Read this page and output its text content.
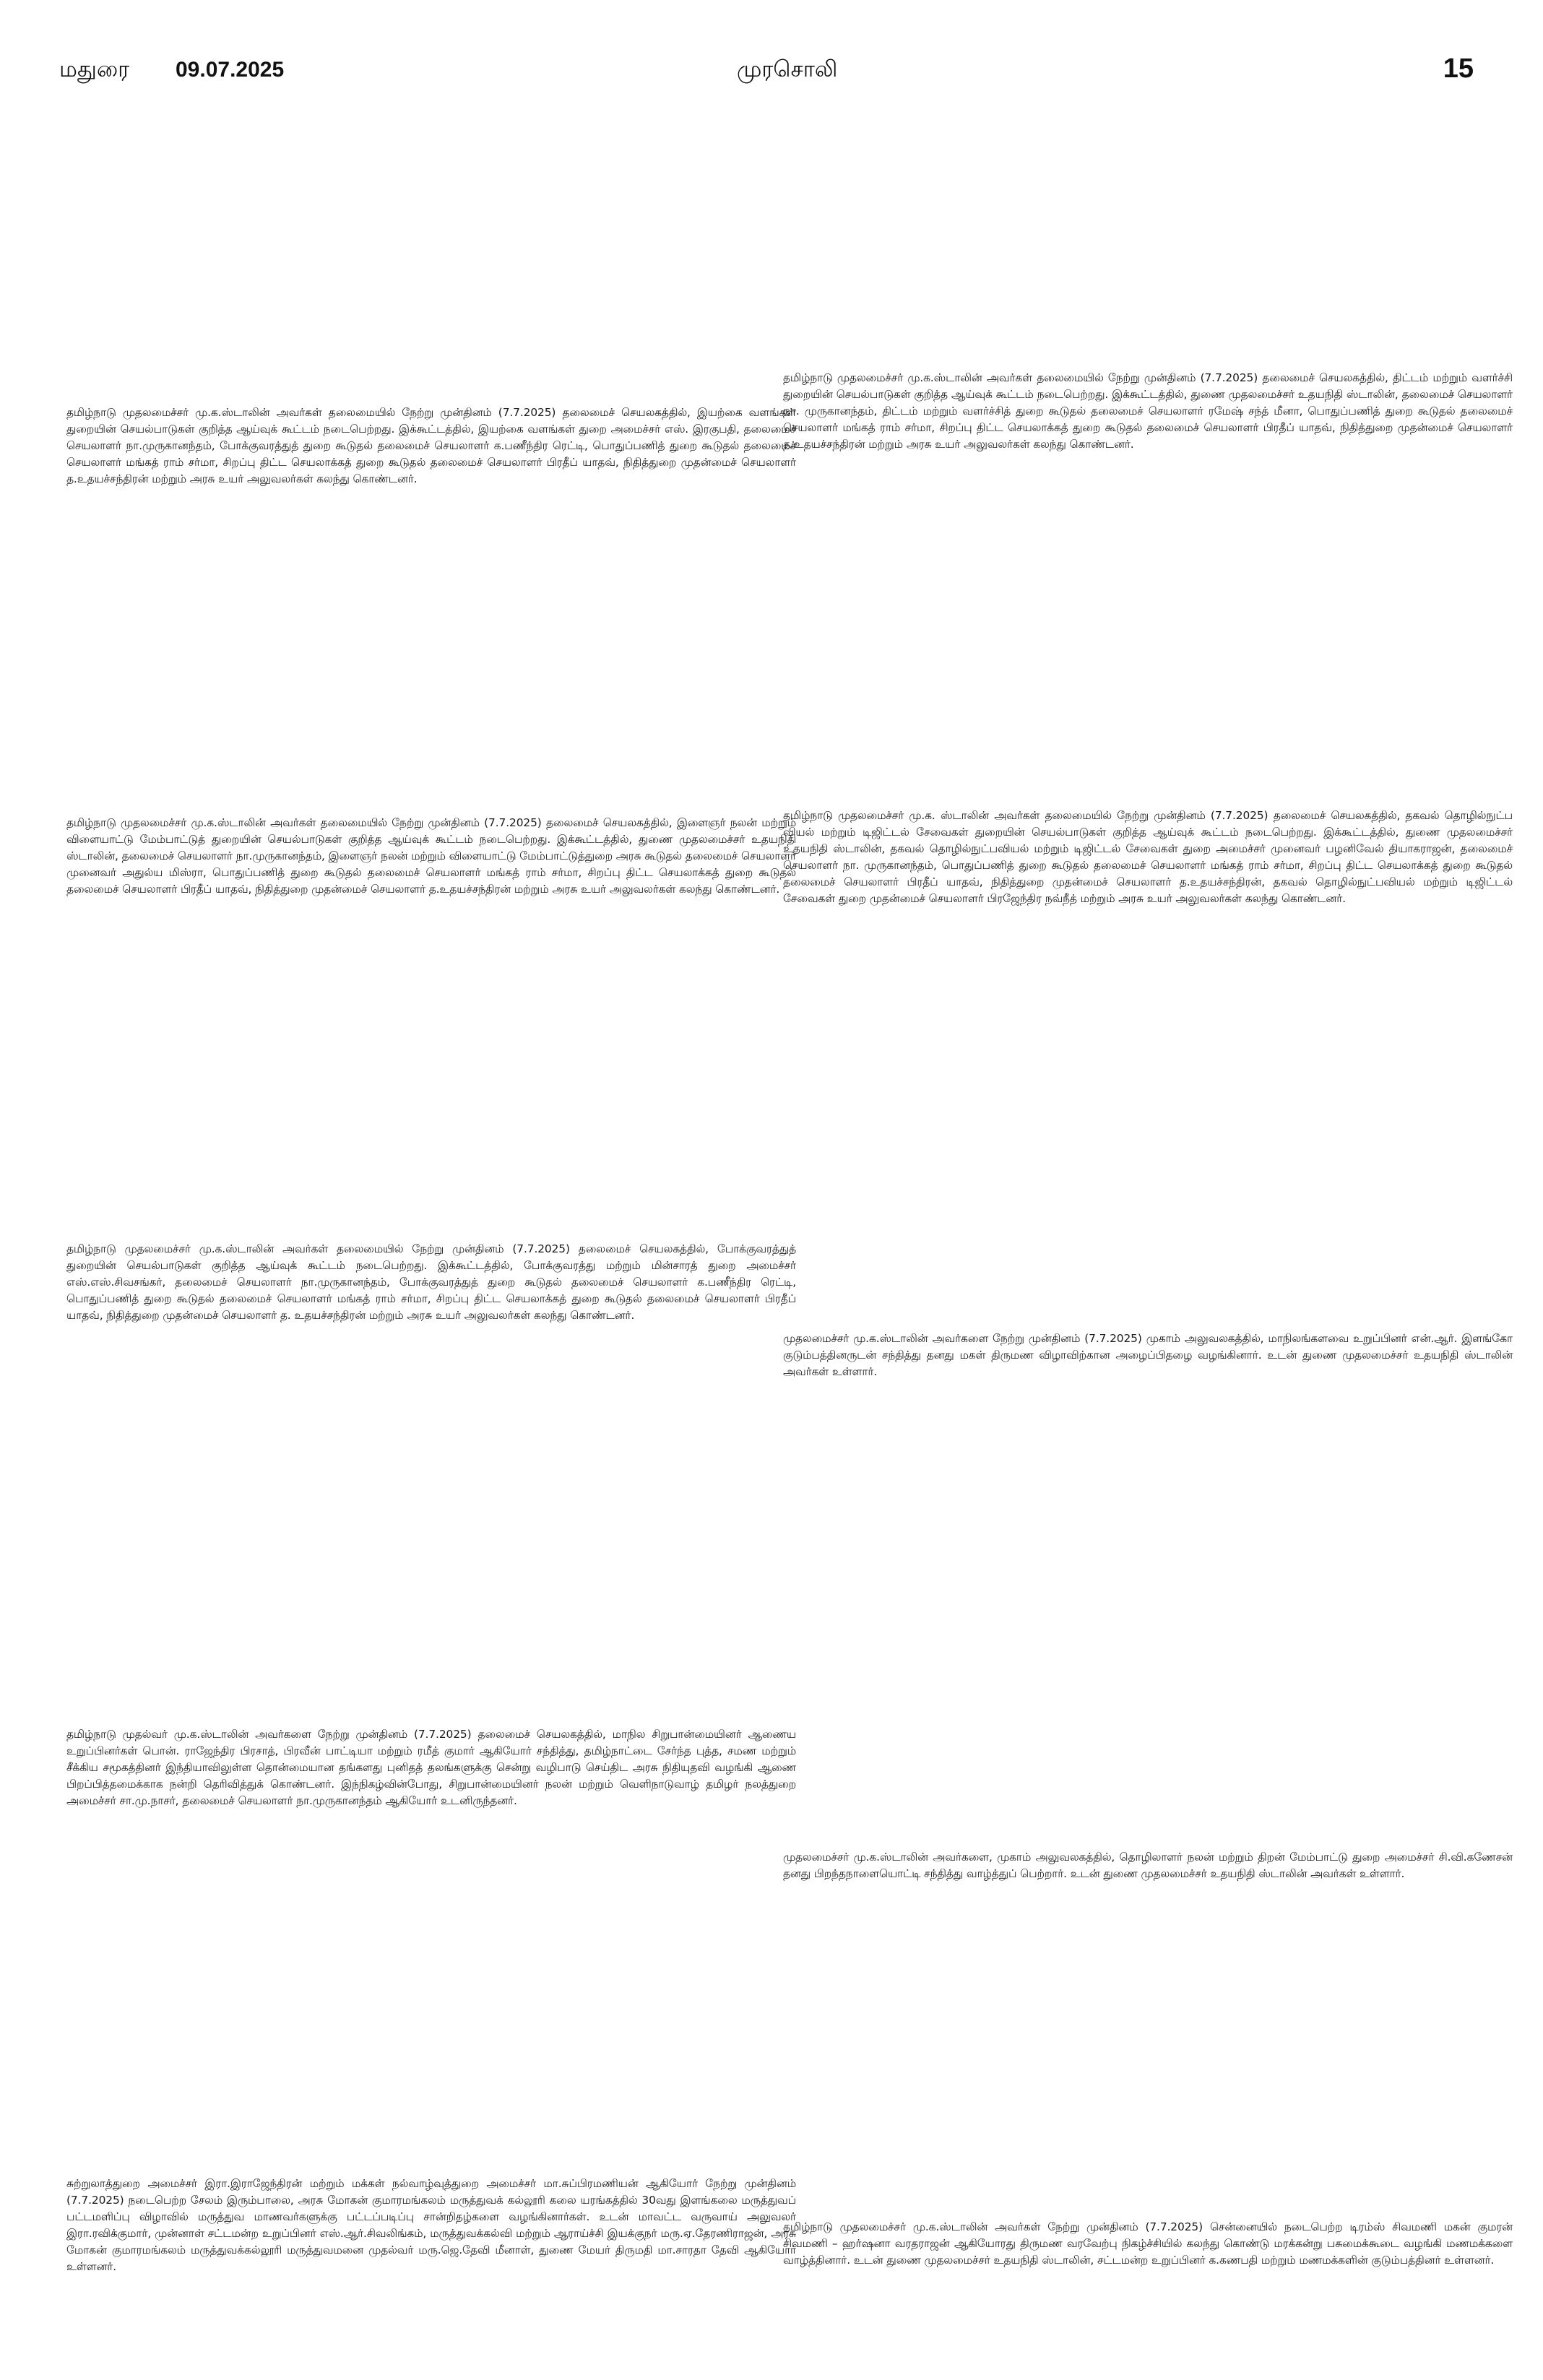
மதுரை 09.07.2025	முரசொலி	15
தமிழ்நாடு முதலமைச்சர் மு.க.ஸ்டாலின் அவர்கள் தலைமையில் நேற்று முன்தினம் (7.7.2025) தலைமைச் செயலகத்தில், இயற்கை வளங்கள் துறையின் செயல்பாடுகள் குறித்த ஆய்வுக் கூட்டம் நடைபெற்றது. இக்கூட்டத்தில், இயற்கை வளங்கள் துறை அமைச்சர் எஸ். இரகுபதி, தலைமைச் செயலாளர் நா.முருகானந்தம், போக்குவரத்துத் துறை கூடுதல் தலைமைச் செயலாளர் க.பணீந்திர ரெட்டி, பொதுப்பணித் துறை கூடுதல் தலைமைச் செயலாளர் மங்கத் ராம் சர்மா, சிறப்பு திட்ட செயலாக்கத் துறை கூடுதல் தலைமைச் செயலாளர் பிரதீப் யாதவ், நிதித்துறை முதன்மைச் செயலாளர் த.உதயச்சந்திரன் மற்றும் அரசு உயர் அலுவலர்கள் கலந்து கொண்டனர்.
தமிழ்நாடு முதலமைச்சர் மு.க.ஸ்டாலின் அவர்கள் தலைமையில் நேற்று முன்தினம் (7.7.2025) தலைமைச் செயலகத்தில், திட்டம் மற்றும் வளர்ச்சி துறையின் செயல்பாடுகள் குறித்த ஆய்வுக் கூட்டம் நடைபெற்றது. இக்கூட்டத்தில், துணை முதலமைச்சர் உதயநிதி ஸ்டாலின், தலைமைச் செயலாளர் நா. முருகானந்தம், திட்டம் மற்றும் வளர்ச்சித் துறை கூடுதல் தலைமைச் செயலாளர் ரமேஷ் சந்த் மீனா, பொதுப்பணித் துறை கூடுதல் தலைமைச் செயலாளர் மங்கத் ராம் சர்மா, சிறப்பு திட்ட செயலாக்கத் துறை கூடுதல் தலைமைச் செயலாளர் பிரதீப் யாதவ், நிதித்துறை முதன்மைச் செயலாளர் த.உதயச்சந்திரன் மற்றும் அரசு உயர் அலுவலர்கள் கலந்து கொண்டனர்.
தமிழ்நாடு முதலமைச்சர் மு.க.ஸ்டாலின் அவர்கள் தலைமையில் நேற்று முன்தினம் (7.7.2025) தலைமைச் செயலகத்தில், இளைஞர் நலன் மற்றும் விளையாட்டு மேம்பாட்டுத் துறையின் செயல்பாடுகள் குறித்த ஆய்வுக் கூட்டம் நடைபெற்றது. இக்கூட்டத்தில், துணை முதலமைச்சர் உதயநிதி ஸ்டாலின், தலைமைச் செயலாளர் நா.முருகானந்தம், இளைஞர் நலன் மற்றும் விளையாட்டு மேம்பாட்டுத்துறை அரசு கூடுதல் தலைமைச் செயலாளர் முனைவர் அதுல்ய மிஸ்ரா, பொதுப்பணித் துறை கூடுதல் தலைமைச் செயலாளர் மங்கத் ராம் சர்மா, சிறப்பு திட்ட செயலாக்கத் துறை கூடுதல் தலைமைச் செயலாளர் பிரதீப் யாதவ், நிதித்துறை முதன்மைச் செயலாளர் த.உதயச்சந்திரன் மற்றும் அரசு உயர் அலுவலர்கள் கலந்து கொண்டனர்.
தமிழ்நாடு முதலமைச்சர் மு.க. ஸ்டாலின் அவர்கள் தலைமையில் நேற்று முன்தினம் (7.7.2025) தலைமைச் செயலகத்தில், தகவல் தொழில்நுட்ப வியல் மற்றும் டிஜிட்டல் சேவைகள் துறையின் செயல்பாடுகள் குறித்த ஆய்வுக் கூட்டம் நடைபெற்றது. இக்கூட்டத்தில், துணை முதலமைச்சர் உதயநிதி ஸ்டாலின், தகவல் தொழில்நுட்பவியல் மற்றும் டிஜிட்டல் சேவைகள் துறை அமைச்சர் முனைவர் பழனிவேல் தியாகராஜன், தலைமைச் செயலாளர் நா. முருகானந்தம், பொதுப்பணித் துறை கூடுதல் தலைமைச் செயலாளர் மங்கத் ராம் சர்மா, சிறப்பு திட்ட செயலாக்கத் துறை கூடுதல் தலைமைச் செயலாளர் பிரதீப் யாதவ், நிதித்துறை முதன்மைச் செயலாளர் த.உதயச்சந்திரன், தகவல் தொழில்நுட்பவியல் மற்றும் டிஜிட்டல் சேவைகள் துறை முதன்மைச் செயலாளர் பிரஜேந்திர நவ்நீத் மற்றும் அரசு உயர் அலுவலர்கள் கலந்து கொண்டனர்.
தமிழ்நாடு முதலமைச்சர் மு.க.ஸ்டாலின் அவர்கள் தலைமையில் நேற்று முன்தினம் (7.7.2025) தலைமைச் செயலகத்தில், போக்குவரத்துத் துறையின் செயல்பாடுகள் குறித்த ஆய்வுக் கூட்டம் நடைபெற்றது. இக்கூட்டத்தில், போக்குவரத்து மற்றும் மின்சாரத் துறை அமைச்சர் எஸ்.எஸ்.சிவசங்கர், தலைமைச் செயலாளர் நா.முருகானந்தம், போக்குவரத்துத் துறை கூடுதல் தலைமைச் செயலாளர் க.பணீந்திர ரெட்டி, பொதுப்பணித் துறை கூடுதல் தலைமைச் செயலாளர் மங்கத் ராம் சர்மா, சிறப்பு திட்ட செயலாக்கத் துறை கூடுதல் தலைமைச் செயலாளர் பிரதீப் யாதவ், நிதித்துறை முதன்மைச் செயலாளர் த. உதயச்சந்திரன் மற்றும் அரசு உயர் அலுவலர்கள் கலந்து கொண்டனர்.
முதலமைச்சர் மு.க.ஸ்டாலின் அவர்களை நேற்று முன்தினம் (7.7.2025) முகாம் அலுவலகத்தில், மாநிலங்களவை உறுப்பினர் என்.ஆர். இளங்கோ குடும்பத்தினருடன் சந்தித்து தனது மகள் திருமண விழாவிற்கான அழைப்பிதழை வழங்கினார். உடன் துணை முதலமைச்சர் உதயநிதி ஸ்டாலின் அவர்கள் உள்ளார்.
தமிழ்நாடு முதல்வர் மு.க.ஸ்டாலின் அவர்களை நேற்று முன்தினம் (7.7.2025) தலைமைச் செயலகத்தில், மாநில சிறுபான்மையினர் ஆணைய உறுப்பினர்கள் பொன். ராஜேந்திர பிரசாத், பிரவீன் பாட்டியா மற்றும் ரமீத் குமார் ஆகியோர் சந்தித்து, தமிழ்நாட்டை சேர்ந்த புத்த, சமண மற்றும் சீக்கிய சமூகத்தினர் இந்தியாவிலுள்ள தொன்மையான தங்களது புனிதத் தலங்களுக்கு சென்று வழிபாடு செய்திட அரசு நிதியுதவி வழங்கி ஆணை பிறப்பித்தமைக்காக நன்றி தெரிவித்துக் கொண்டனர். இந்நிகழ்வின்போது, சிறுபான்மையினர் நலன் மற்றும் வெளிநாடுவாழ் தமிழர் நலத்துறை அமைச்சர் சா.மு.நாசர், தலைமைச் செயலாளர் நா.முருகானந்தம் ஆகியோர் உடனிருந்தனர்.
முதலமைச்சர் மு.க.ஸ்டாலின் அவர்களை, முகாம் அலுவலகத்தில், தொழிலாளர் நலன் மற்றும் திறன் மேம்பாட்டு துறை அமைச்சர் சி.வி.கணேசன் தனது பிறந்தநாளையொட்டி சந்தித்து வாழ்த்துப் பெற்றார். உடன் துணை முதலமைச்சர் உதயநிதி ஸ்டாலின் அவர்கள் உள்ளார்.
சுற்றுலாத்துறை அமைச்சர் இரா.இராஜேந்திரன் மற்றும் மக்கள் நல்வாழ்வுத்துறை அமைச்சர் மா.சுப்பிரமணியன் ஆகியோர் நேற்று முன்தினம் (7.7.2025) நடைபெற்ற சேலம் இரும்பாலை, அரசு மோகன் குமாரமங்கலம் மருத்துவக் கல்லூரி கலை யரங்கத்தில் 30வது இளங்கலை மருத்துவப் பட்டமளிப்பு விழாவில் மருத்துவ மாணவர்களுக்கு பட்டப்படிப்பு சான்றிதழ்களை வழங்கினார்கள். உடன் மாவட்ட வருவாய் அலுவலர் இரா.ரவிக்குமார், முன்னாள் சட்டமன்ற உறுப்பினர் எஸ்.ஆர்.சிவலிங்கம், மருத்துவக்கல்வி மற்றும் ஆராய்ச்சி இயக்குநர் மரு.ஏ.தேரணிராஜன், அரசு மோகன் குமாரமங்கலம் மருத்துவக்கல்லூரி மருத்துவமனை முதல்வர் மரு.ஜெ.தேவி மீனாள், துணை மேயர் திருமதி மா.சாரதா தேவி ஆகியோர் உள்ளனர்.
தமிழ்நாடு முதலமைச்சர் மு.க.ஸ்டாலின் அவர்கள் நேற்று முன்தினம் (7.7.2025) சென்னையில் நடைபெற்ற டிரம்ஸ் சிவமணி மகன் குமரன் சிவமணி – ஹர்ஷனா வரதராஜன் ஆகியோரது திருமண வரவேற்பு நிகழ்ச்சியில் கலந்து கொண்டு மரக்கன்று பசுமைக்கூடை வழங்கி மணமக்களை வாழ்த்தினார். உடன் துணை முதலமைச்சர் உதயநிதி ஸ்டாலின், சட்டமன்ற உறுப்பினர் க.கணபதி மற்றும் மணமக்களின் குடும்பத்தினர் உள்ளனர்.
